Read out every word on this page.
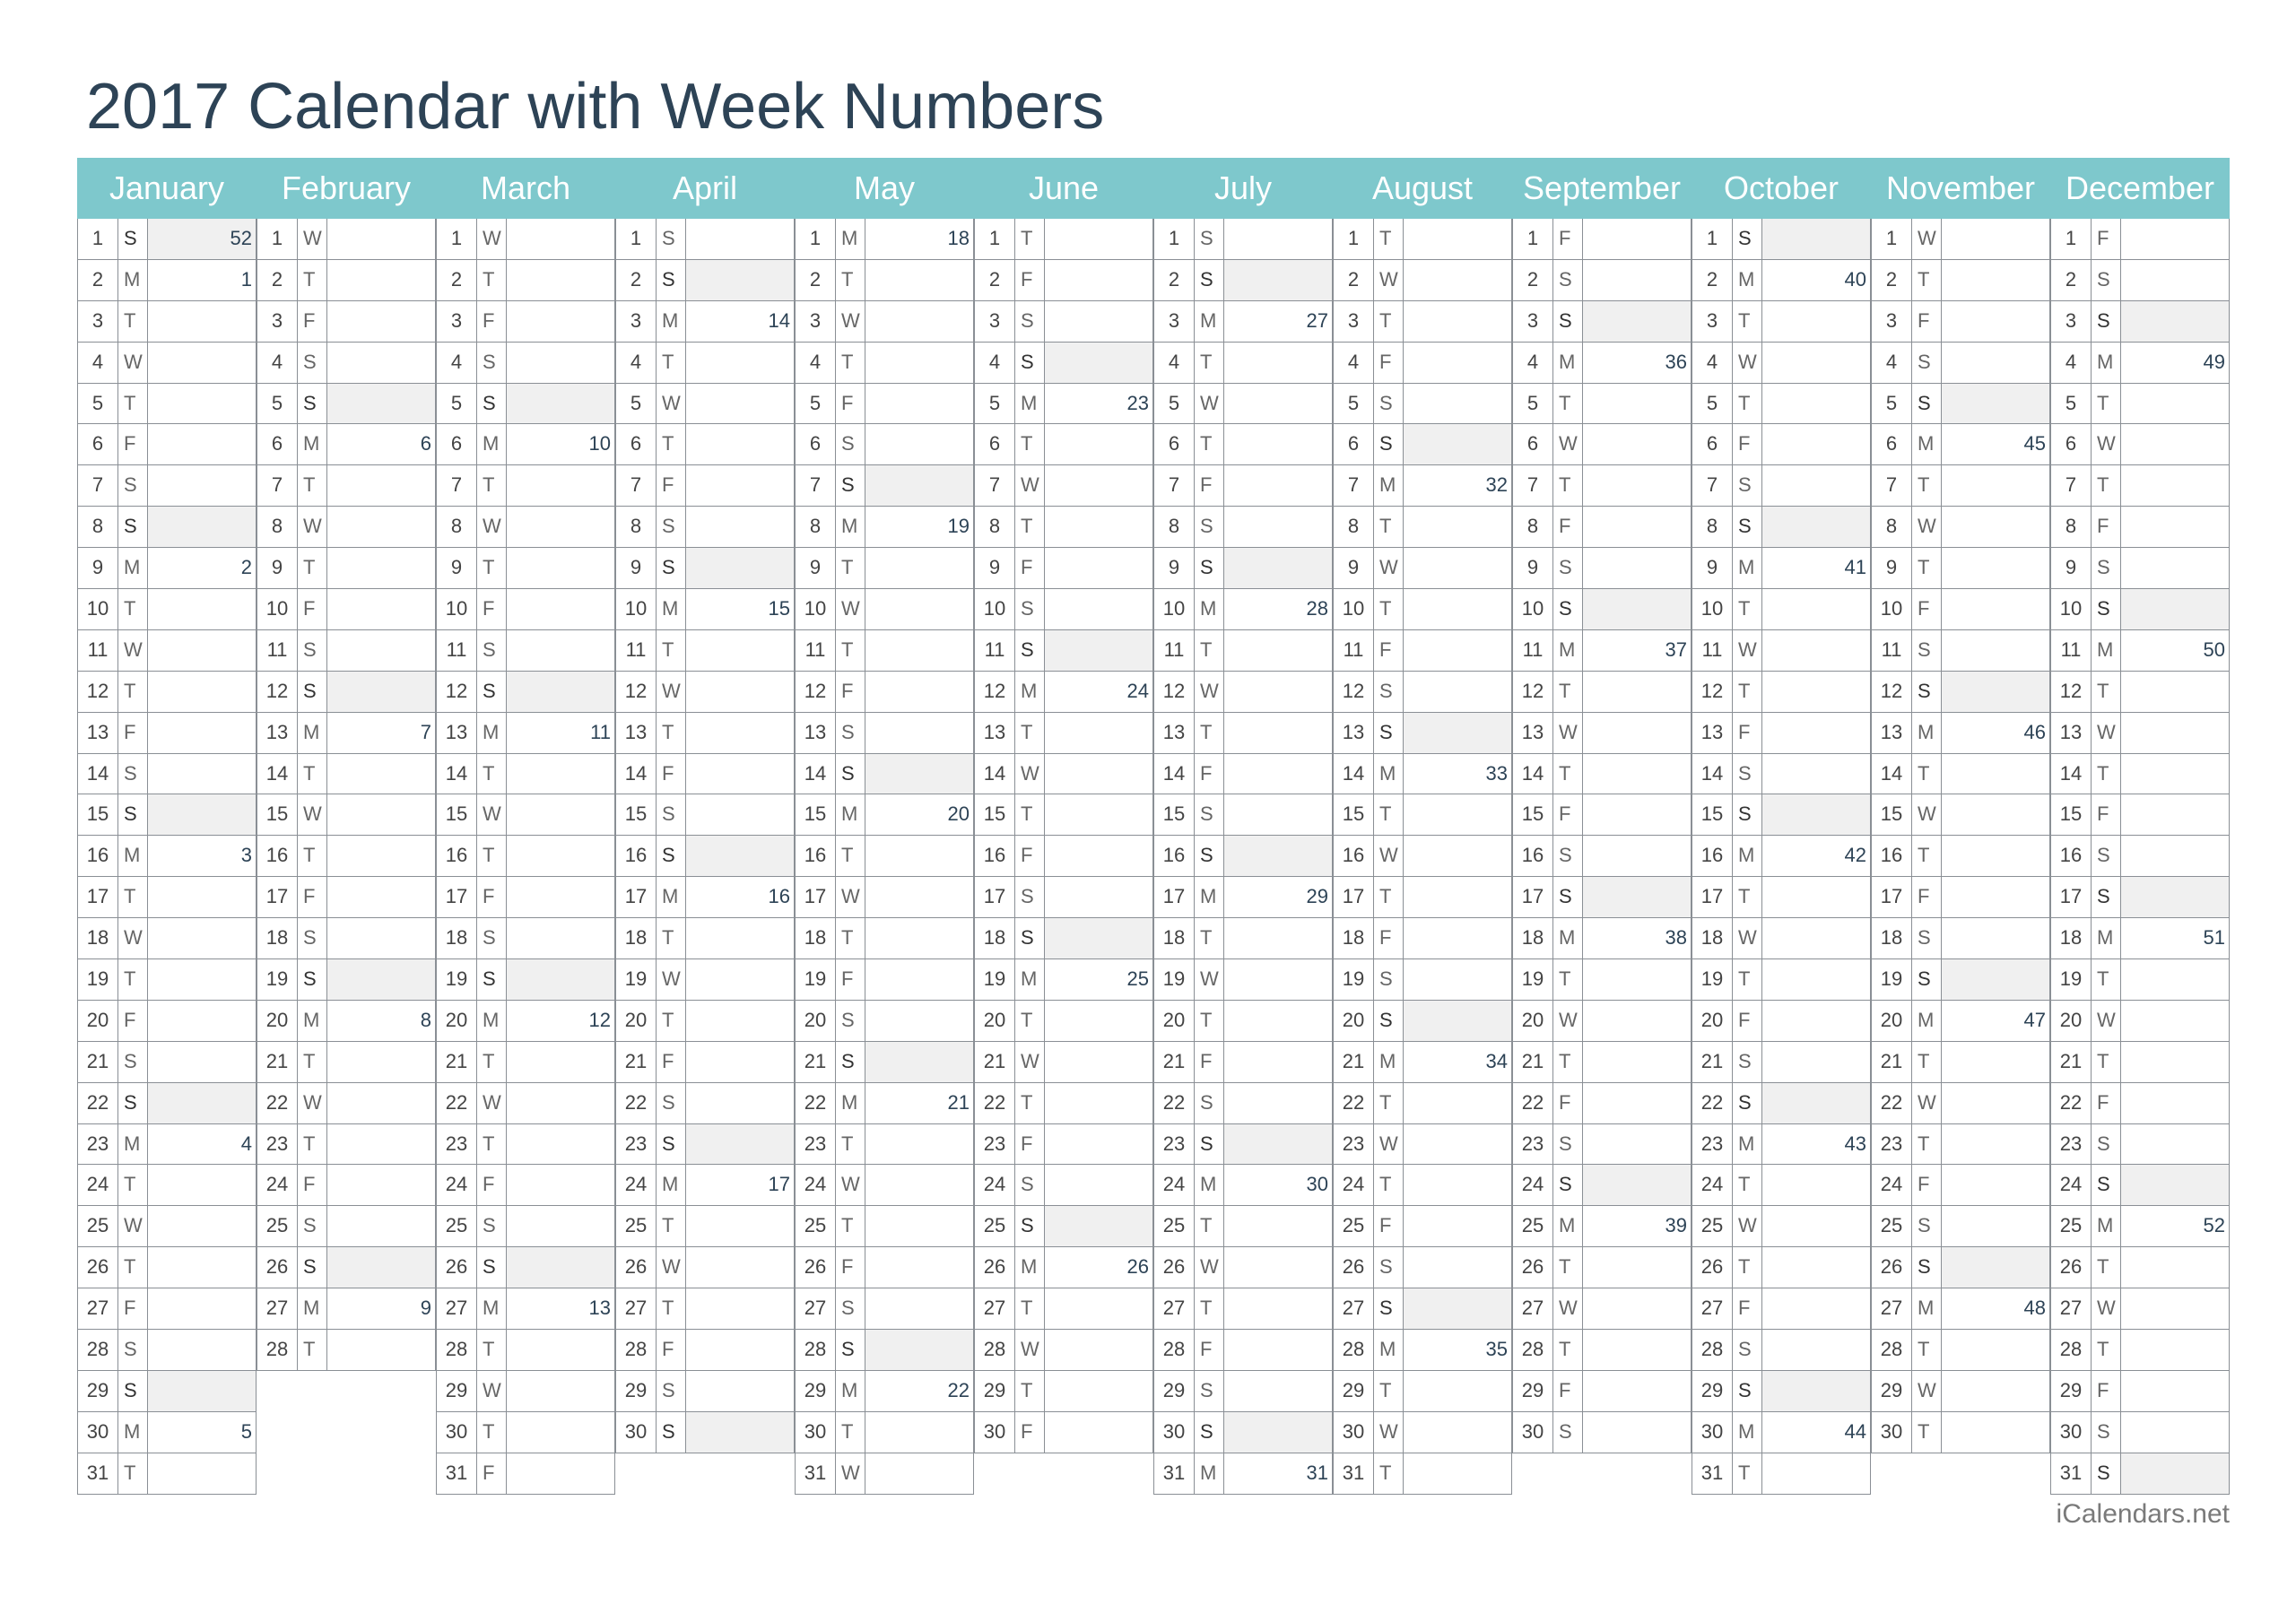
2017 Calendar with Week Numbers
January
1	S	52
2	M	1
3	T
4	W
5	T
6	F
7	S
8	S
9	M	2
10 T
11 W
12 T
13 F
14 S
15 S
16 M	3
17 T
18 W
19 T
20 F
21 S
22 S
23 M	4
24 T
25 W
26 T
27 F
28 S
29 S
30 M	5
31 T
February
1	W
2	T
3	F
4	S
5	S
6	M	6
7	T
8	W
9	T
10 F
11 S
12 S
13 M	7
14 T
15 W
16 T
17 F
18 S
19 S
20 M	8
21 T
22 W
23 T
24 F
25 S
26 S
27 M	9
28 T
March
1	W
2	T
3	F
4	S
5	S
6	M	10
7	T
8	W
9	T
10 F
11 S
12 S
13 M	11
14 T
15 W
16 T
17 F
18 S
19 S
20 M	12
21 T
22 W
23 T
24 F
25 S
26 S
27 M	13
28 T
29 W
30 T
31 F
April
1	S
2	S
3	M	14
4	T
5	W
6	T
7	F
8	S
9	S
10 M	15
11 T
12 W
13 T
14 F
15 S
16 S
17 M	16
18 T
19 W
20 T
21 F
22 S
23 S
24 M	17
25 T
26 W
27 T
28 F
29 S
30 S
May
1	M	18
2	T
3	W
4	T
5	F
6	S
7	S
8	M	19
9	T
10 W
11 T
12 F
13 S
14 S
15 M	20
16 T
17 W
18 T
19 F
20 S
21 S
22 M	21
23 T
24 W
25 T
26 F
27 S
28 S
29 M	22
30 T
31 W
June
1	T
2	F
3	S
4	S
5	M	23
6	T
7	W
8	T
9	F
10 S
11 S
12 M	24
13 T
14 W
15 T
16 F
17 S
18 S
19 M	25
20 T
21 W
22 T
23 F
24 S
25 S
26 M	26
27 T
28 W
29 T
30 F
July
1	S
2	S
3	M	27
4	T
5	W
6	T
7	F
8	S
9	S
10 M	28
11 T
12 W
13 T
14 F
15 S
16 S
17 M	29
18 T
19 W
20 T
21 F
22 S
23 S
24 M	30
25 T
26 W
27 T
28 F
29 S
30 S
31 M	31
August
1	T
2	W
3	T
4	F
5	S
6	S
7	M	32
8	T
9	W
10 T
11 F
12 S
13 S
14 M	33
15 T
16 W
17 T
18 F
19 S
20 S
21 M	34
22 T
23 W
24 T
25 F
26 S
27 S
28 M	35
29 T
30 W
31 T
September
1	F
2	S
3	S
4	M	36
5	T
6	W
7	T
8	F
9	S
10 S
11 M	37
12 T
13 W
14 T
15 F
16 S
17 S
18 M	38
19 T
20 W
21 T
22 F
23 S
24 S
25 M	39
26 T
27 W
28 T
29 F
30 S
October
1	S
2	M	40
3	T
4	W
5	T
6	F
7	S
8	S
9	M	41
10 T
11 W
12 T
13 F
14 S
15 S
16 M	42
17 T
18 W
19 T
20 F
21 S
22 S
23 M	43
24 T
25 W
26 T
27 F
28 S
29 S
30 M	44
31 T
November
1	W
2	T
3	F
4	S
5	S
6	M	45
7	T
8	W
9	T
10 F
11 S
12 S
13 M	46
14 T
15 W
16 T
17 F
18 S
19 S
20 M	47
21 T
22 W
23 T
24 F
25 S
26 S
27 M	48
28 T
29 W
30 T
December
1	F
2	S
3	S
4	M	49
5	T
6	W
7	T
8	F
9	S
10 S
11 M	50
12 T
13 W
14 T
15 F
16 S
17 S
18 M	51
19 T
20 W
21 T
22 F
23 S
24 S
25 M	52
26 T
27 W
28 T
29 F
30 S
31 S
iCalendars.net
